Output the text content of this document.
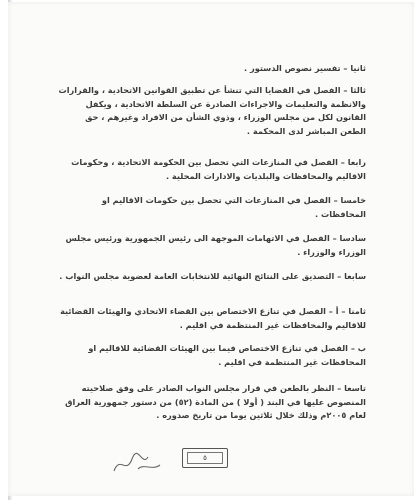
ثانيا – تفسير نصوص الدستور .
ثالثا – الفصل في القضايا التي تنشأ عن تطبيق القوانين الاتحادية ، والقرارات والانظمة والتعليمات والاجراءات الصادرة عن السلطة الاتحادية ، ويكفل القانون لكل من مجلس الوزراء ، وذوي الشأن من الافراد وغيرهم ، حق الطعن المباشر لدى المحكمة .
رابعا – الفصل في المنازعات التي تحصل بين الحكومة الاتحادية ، وحكومات الاقاليم والمحافظات والبلديات والادارات المحلية .
خامسا – الفصل في المنازعات التي تحصل بين حكومات الاقاليم او المحافظات .
سادسا – الفصل في الاتهامات الموجهة الى رئيس الجمهورية ورئيس مجلس الوزراء والوزراء .
سابعا – التصديق على النتائج النهائية للانتخابات العامة لعضوية مجلس النواب .
ثامنا – أ – الفصل في تنازع الاختصاص بين القضاء الاتحادي والهيئات القضائية للاقاليم والمحافظات غير المنتظمة في اقليم .
ب – الفصل في تنازع الاختصاص فيما بين الهيئات القضائية للاقاليم او المحافظات غير المنتظمة في اقليم .
تاسعا – النظر بالطعن في قرار مجلس النواب الصادر على وفق صلاحيته المنصوص عليها في البند ( أولا ) من المادة (٥٢) من دستور جمهورية العراق لعام ٢٠٠٥م وذلك خلال ثلاثين يوما من تاريخ صدوره .
٥
